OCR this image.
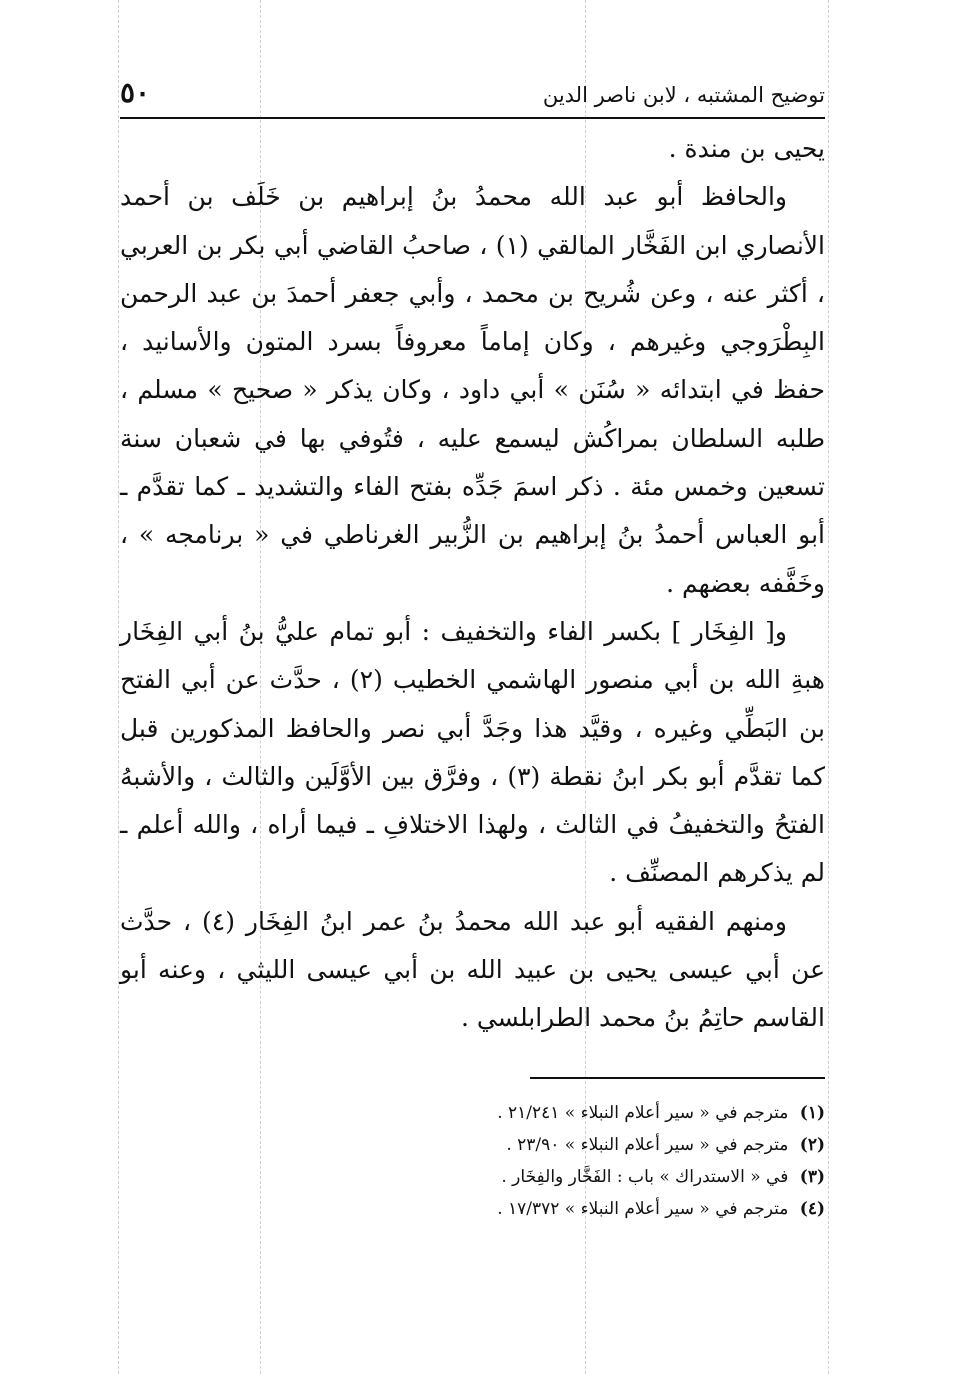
توضيح المشتبه ، لابن ناصر الدين
٥٠

يحيى بن مندة .

والحافظ أبو عبد الله محمدُ بنُ إبراهيم بن خَلَف بن أحمد الأنصاري ابن الفَخَّار المالقي (١) ، صاحبُ القاضي أبي بكر بن العربي ، أكثر عنه ، وعن شُريح بن محمد ، وأبي جعفر أحمدَ بن عبد الرحمن البِطْرَوجي وغيرهم ، وكان إماماً معروفاً بسرد المتون والأسانيد ، حفظ في ابتدائه « سُنَن » أبي داود ، وكان يذكر « صحيح » مسلم ، طلبه السلطان بمراكُش ليسمع عليه ، فتُوفي بها في شعبان سنة تسعين وخمس مئة . ذكر اسمَ جَدِّه بفتح الفاء والتشديد ـ كما تقدَّم ـ أبو العباس أحمدُ بنُ إبراهيم بن الزُّبير الغرناطي في « برنامجه » ، وخَفَّفه بعضهم .

و[ الفِخَار ] بكسر الفاء والتخفيف : أبو تمام عليُّ بنُ أبي الفِخَار هبةِ الله بن أبي منصور الهاشمي الخطيب (٢) ، حدَّث عن أبي الفتح بن البَطِّي وغيره ، وقيَّد هذا وجَدَّ أبي نصر والحافظ المذكورين قبل كما تقدَّم أبو بكر ابنُ نقطة (٣) ، وفرَّق بين الأوَّلَين والثالث ، والأشبهُ الفتحُ والتخفيفُ في الثالث ، ولهذا الاختلافِ ـ فيما أراه ، والله أعلم ـ لم يذكرهم المصنِّف .

ومنهم الفقيه أبو عبد الله محمدُ بنُ عمر ابنُ الفِخَار (٤) ، حدَّث عن أبي عيسى يحيى بن عبيد الله بن أبي عيسى الليثي ، وعنه أبو القاسم حاتِمُ بنُ محمد الطرابلسي .

(١) مترجم في « سير أعلام النبلاء » ٢١/٢٤١ .
(٢) مترجم في « سير أعلام النبلاء » ٢٣/٩٠ .
(٣) في « الاستدراك » باب : الفَخَّار والفِخَار .
(٤) مترجم في « سير أعلام النبلاء » ١٧/٣٧٢ .
